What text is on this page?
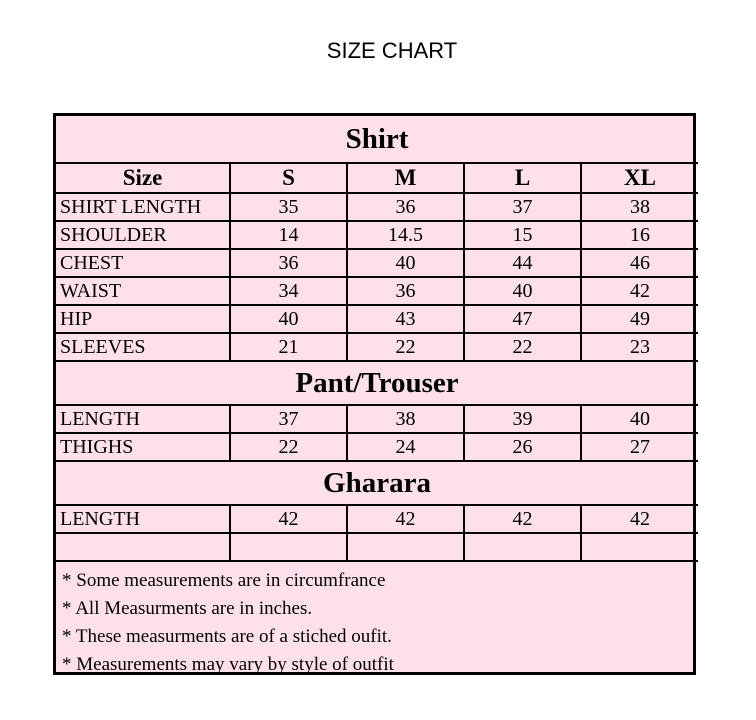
SIZE CHART
Shirt				
Size	S	M	L	XL
SHIRT LENGTH	35	36	37	38
SHOULDER	14	14.5	15	16
CHEST	36	40	44	46
WAIST	34	36	40	42
HIP	40	43	47	49
SLEEVES	21	22	22	23
Pant/Trouser				
LENGTH	37	38	39	40
THIGHS	22	24	26	27
Gharara				
LENGTH	42	42	42	42

* Some measurements are in circumfrance
* All Measurments are in inches.
* These measurments are of a stiched oufit.
* Measurements may vary by style of outfit
